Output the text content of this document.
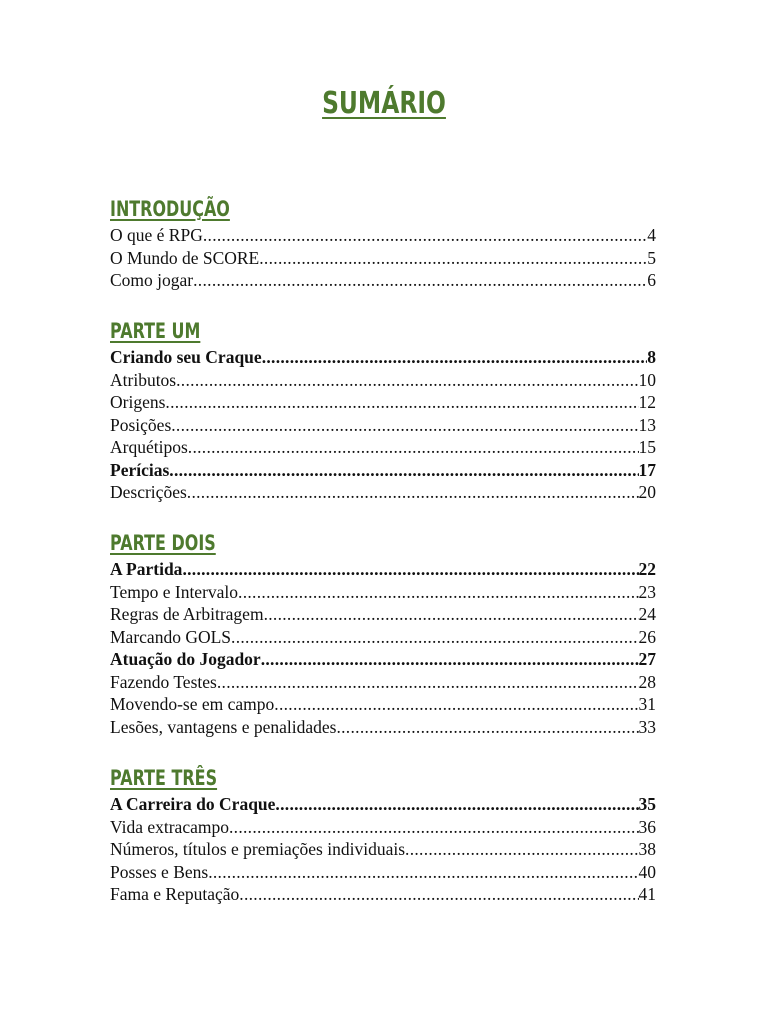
SUMÁRIO
INTRODUÇÃO
O que é RPG .....	4
O Mundo de SCORE .....	5
Como jogar .....	6
PARTE UM
Criando seu Craque .....	8
Atributos .....	10
Origens .....	12
Posições .....	13
Arquétipos .....	15
Perícias .....	17
Descrições .....	20
PARTE DOIS
A Partida .....	22
Tempo e Intervalo .....	23
Regras de Arbitragem .....	24
Marcando GOLS .....	26
Atuação do Jogador .....	27
Fazendo Testes .....	28
Movendo-se em campo .....	31
Lesões, vantagens e penalidades .....	33
PARTE TRÊS
A Carreira do Craque .....	35
Vida extracampo .....	36
Números, títulos e premiações individuais .....	38
Posses e Bens .....	40
Fama e Reputação .....	41
